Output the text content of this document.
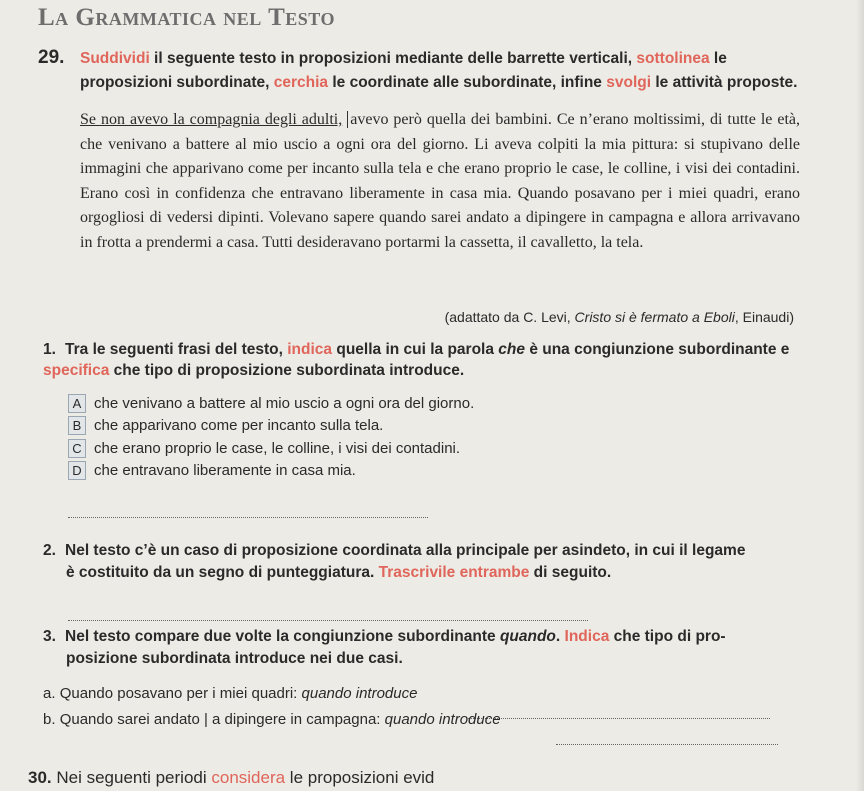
La Grammatica nel Testo
29. Suddividi il seguente testo in proposizioni mediante delle barrette verticali, sottolinea le proposizioni subordinate, cerchia le coordinate alle subordinate, infine svolgi le attività proposte.
Se non avevo la compagnia degli adulti, avevo però quella dei bambini. Ce n’erano moltissimi, di tutte le età, che venivano a battere al mio uscio a ogni ora del giorno. Li aveva colpiti la mia pittura: si stupivano delle immagini che apparivano come per incanto sulla tela e che erano proprio le case, le colline, i visi dei contadini. Erano così in confidenza che entravano liberamente in casa mia. Quando posavano per i miei quadri, erano orgogliosi di vedersi dipinti. Volevano sapere quando sarei andato a dipingere in campagna e allora arrivavano in frotta a prendermi a casa. Tutti desideravano portarmi la cassetta, il cavalletto, la tela.
(adattato da C. Levi, Cristo si è fermato a Eboli, Einaudi)
1. Tra le seguenti frasi del testo, indica quella in cui la parola che è una congiunzione subordinante e specifica che tipo di proposizione subordinata introduce.
A che venivano a battere al mio uscio a ogni ora del giorno.
B che apparivano come per incanto sulla tela.
C che erano proprio le case, le colline, i visi dei contadini.
D che entravano liberamente in casa mia.
2. Nel testo c’è un caso di proposizione coordinata alla principale per asindeto, in cui il legame
è costituito da un segno di punteggiatura. Trascrivile entrambe di seguito.
3. Nel testo compare due volte la congiunzione subordinante quando. Indica che tipo di pro-
posizione subordinata introduce nei due casi.
a. Quando posavano per i miei quadri: quando introduce
b. Quando sarei andato | a dipingere in campagna: quando introduce
30. Nei seguenti periodi considera le proposizioni evid
